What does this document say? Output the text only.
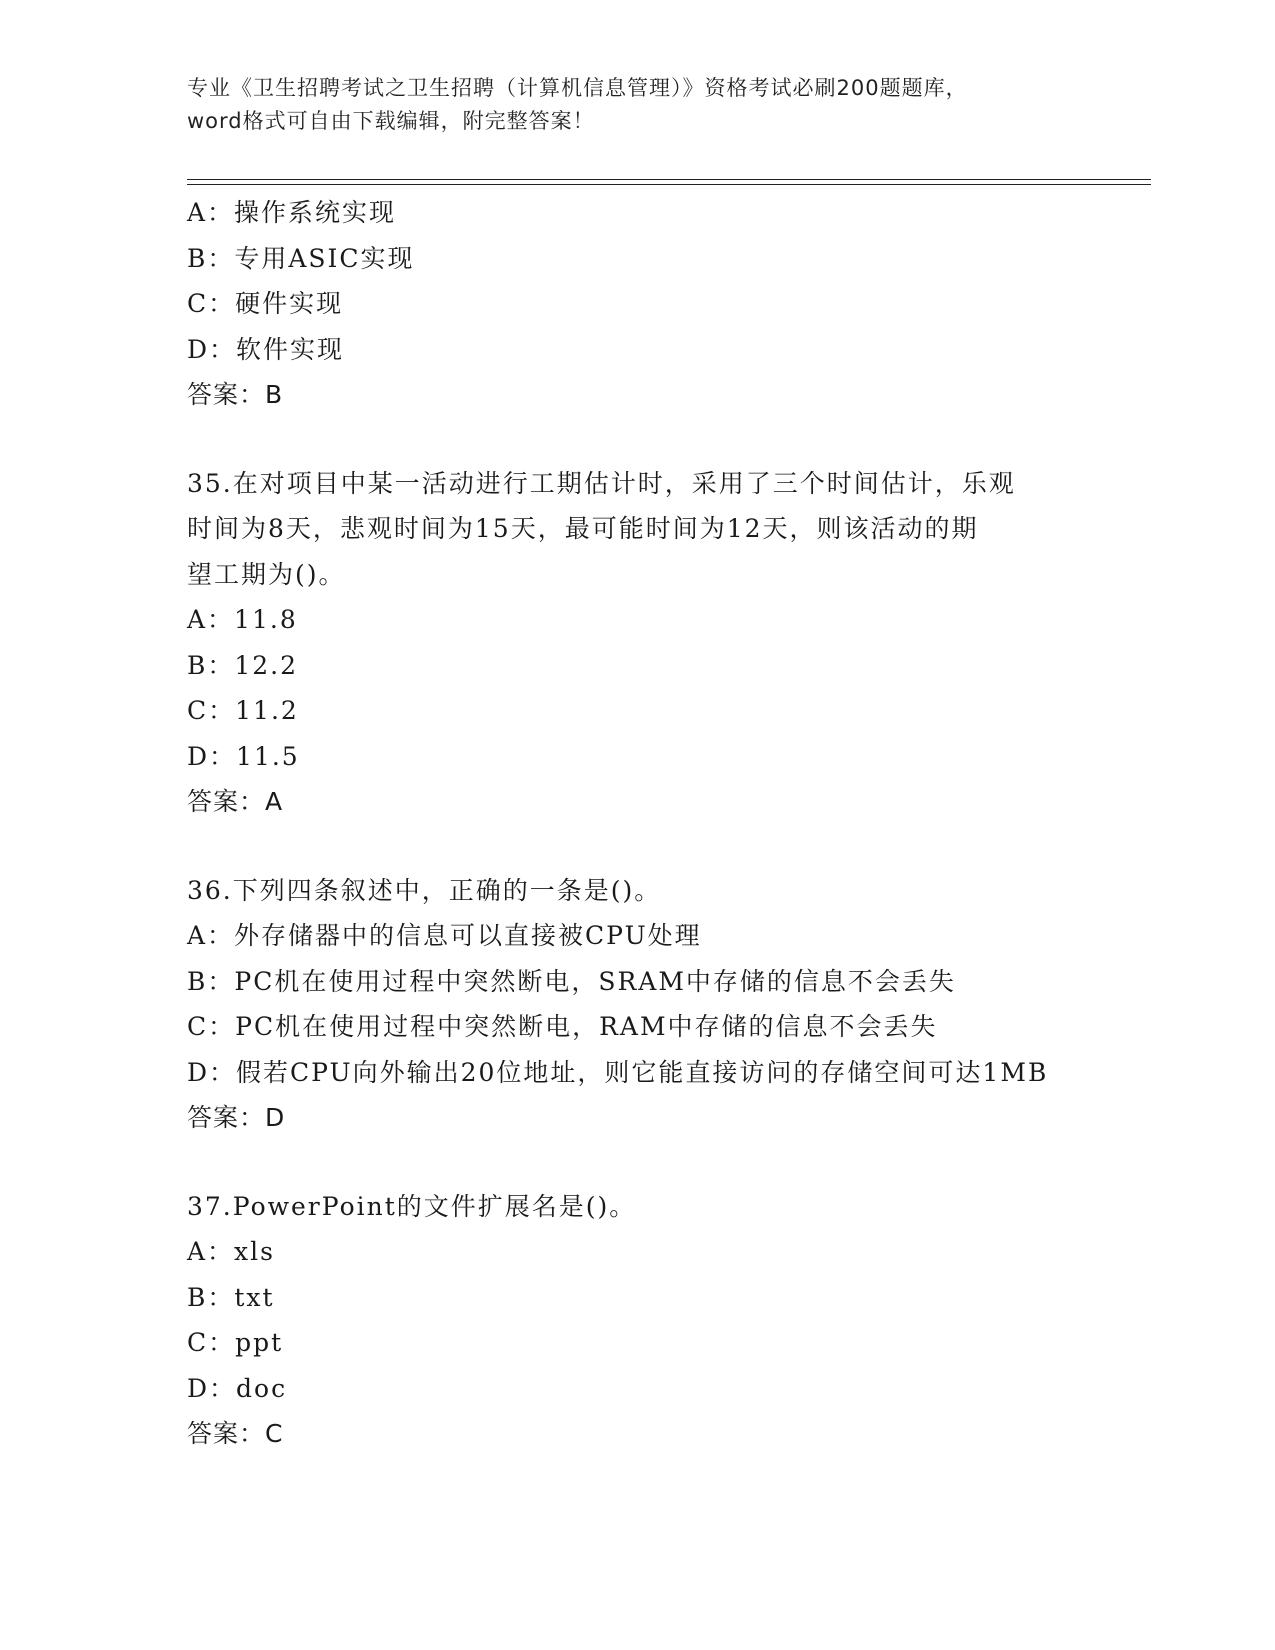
专业《卫生招聘考试之卫生招聘（计算机信息管理）》资格考试必刷200题题库，
word格式可自由下载编辑，附完整答案！
A：操作系统实现
B：专用ASIC实现
C：硬件实现
D：软件实现
答案：B
35.在对项目中某一活动进行工期估计时，采用了三个时间估计，乐观
时间为8天，悲观时间为15天，最可能时间为12天，则该活动的期
望工期为()。
A：11.8
B：12.2
C：11.2
D：11.5
答案：A
36.下列四条叙述中，正确的一条是()。
A：外存储器中的信息可以直接被CPU处理
B：PC机在使用过程中突然断电，SRAM中存储的信息不会丢失
C：PC机在使用过程中突然断电，RAM中存储的信息不会丢失
D：假若CPU向外输出20位地址，则它能直接访问的存储空间可达1MB
答案：D
37.PowerPoint的文件扩展名是()。
A：xls
B：txt
C：ppt
D：doc
答案：C
